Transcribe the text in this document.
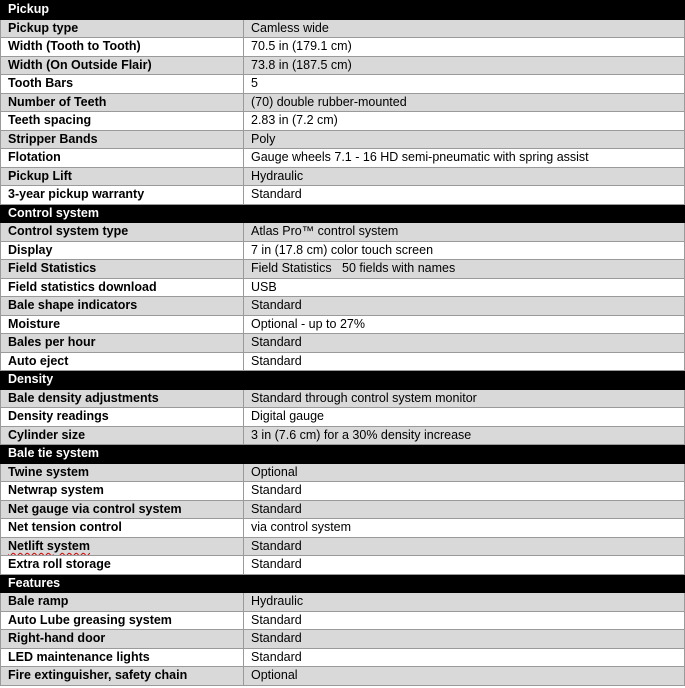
Pickup	
Pickup type	Camless wide
Width (Tooth to Tooth)	70.5 in (179.1 cm)
Width (On Outside Flair)	73.8 in (187.5 cm)
Tooth Bars	5
Number of Teeth	(70) double rubber-mounted
Teeth spacing	2.83 in (7.2 cm)
Stripper Bands	Poly
Flotation	Gauge wheels 7.1 - 16 HD semi-pneumatic with spring assist
Pickup Lift	Hydraulic
3-year pickup warranty	Standard
Control system	
Control system type	Atlas Pro™ control system
Display	7 in (17.8 cm) color touch screen
Field Statistics	Field Statistics   50 fields with names
Field statistics download	USB
Bale shape indicators	Standard
Moisture	Optional - up to 27%
Bales per hour	Standard
Auto eject	Standard
Density	
Bale density adjustments	Standard through control system monitor
Density readings	Digital gauge
Cylinder size	3 in (7.6 cm) for a 30% density increase
Bale tie system	
Twine system	Optional
Netwrap system	Standard
Net gauge via control system	Standard
Net tension control	via control system
Netlift system	Standard
Extra roll storage	Standard
Features	
Bale ramp	Hydraulic
Auto Lube greasing system	Standard
Right-hand door	Standard
LED maintenance lights	Standard
Fire extinguisher, safety chain	Optional
